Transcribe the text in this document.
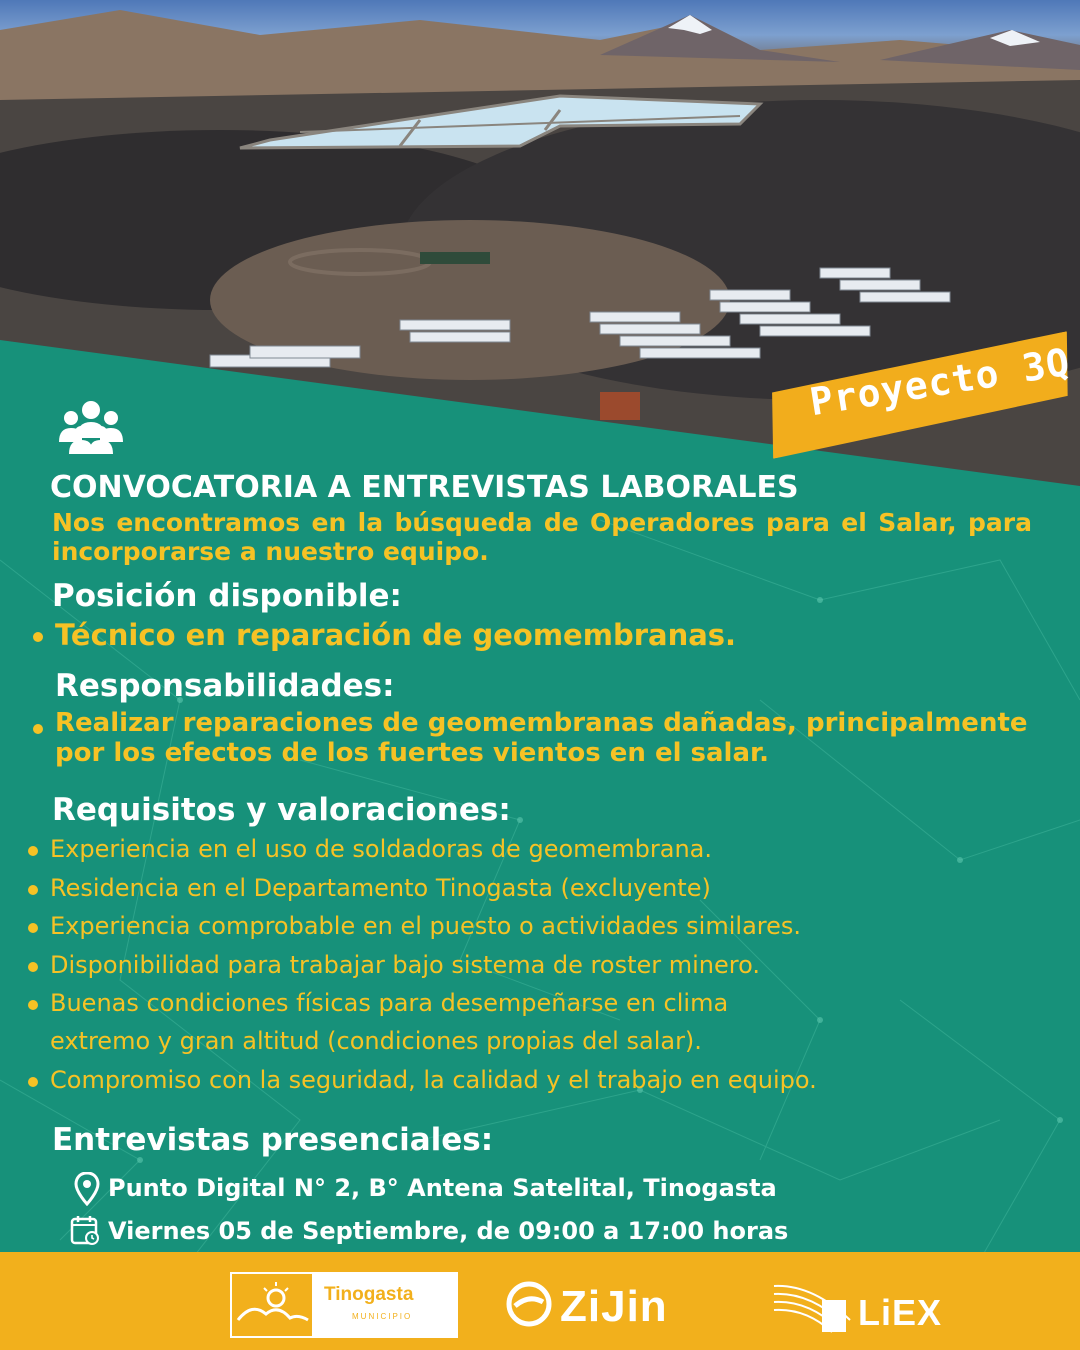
Proyecto 3Q
CONVOCATORIA A ENTREVISTAS LABORALES
Nos encontramos en la búsqueda de Operadores para el Salar, para incorporarse a nuestro equipo.
Posición disponible:
Técnico en reparación de geomembranas.
Responsabilidades:
Realizar reparaciones de geomembranas dañadas, principalmente
por los efectos de los fuertes vientos en el salar.
Requisitos y valoraciones:
Experiencia en el uso de soldadoras de geomembrana.
Residencia en el Departamento Tinogasta (excluyente)
Experiencia comprobable en el puesto o actividades similares.
Disponibilidad para trabajar bajo sistema de roster minero.
Buenas condiciones físicas para desempeñarse en clima
extremo y gran altitud (condiciones propias del salar).
Compromiso con la seguridad, la calidad y el trabajo en equipo.
Entrevistas presenciales:
Punto Digital N° 2, B° Antena Satelital, Tinogasta
Viernes 05 de Septiembre, de 09:00 a 17:00 horas
Tinogasta
MUNICIPIO	ZiJin	LiEX
